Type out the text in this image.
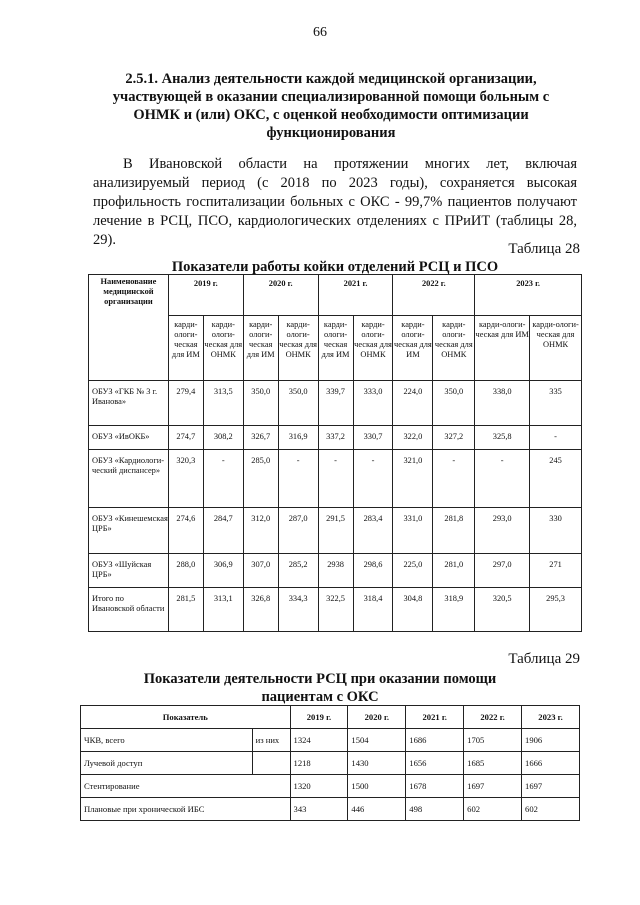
66
2.5.1. Анализ деятельности каждой медицинской организации, участвующей в оказании специализированной помощи больным с ОНМК и (или) ОКС, с оценкой необходимости оптимизации функционирования
В Ивановской области на протяжении многих лет, включая анализируемый период (с 2018 по 2023 годы), сохраняется высокая профильность госпитализации больных с ОКС - 99,7% пациентов получают лечение в РСЦ, ПСО, кардиологических отделениях с ПРиИТ (таблицы 28, 29).
Таблица 28
Показатели работы койки отделений РСЦ и ПСО
Наименование медицинской организации	2019 г.		2020 г.		2021 г.		2022 г.		2023 г.	
	карди-ологи-ческая для ИМ	карди-ологи-ческая для ОНМК	карди-ологи-ческая для ИМ	карди-ологи-ческая для ОНМК	карди-ологи-ческая для ИМ	карди-ологи-ческая для ОНМК	карди-ологи-ческая для ИМ	карди-ологи-ческая для ОНМК	карди-ологи-ческая для ИМ	карди-ологи-ческая для ОНМК
ОБУЗ «ГКБ № 3 г. Иванова»	279,4	313,5	350,0	350,0	339,7	333,0	224,0	350,0	338,0	335
ОБУЗ «ИвОКБ»	274,7	308,2	326,7	316,9	337,2	330,7	322,0	327,2	325,8	-
ОБУЗ «Кардиологи-ческий диспансер»	320,3	-	285,0	-	-	-	321,0	-	-	245
ОБУЗ «Кинешемская ЦРБ»	274,6	284,7	312,0	287,0	291,5	283,4	331,0	281,8	293,0	330
ОБУЗ «Шуйская ЦРБ»	288,0	306,9	307,0	285,2	2938	298,6	225,0	281,0	297,0	271
Итого по Ивановской области	281,5	313,1	326,8	334,3	322,5	318,4	304,8	318,9	320,5	295,3
Таблица 29
Показатели деятельности РСЦ при оказании помощи пациентам с ОКС
Показатель		2019 г.	2020 г.	2021 г.	2022 г.	2023 г.
ЧКВ, всего	из них	1324	1504	1686	1705	1906
Лучевой доступ		1218	1430	1656	1685	1666
Стентирование		1320	1500	1678	1697	1697
Плановые при хронической ИБС		343	446	498	602	602
